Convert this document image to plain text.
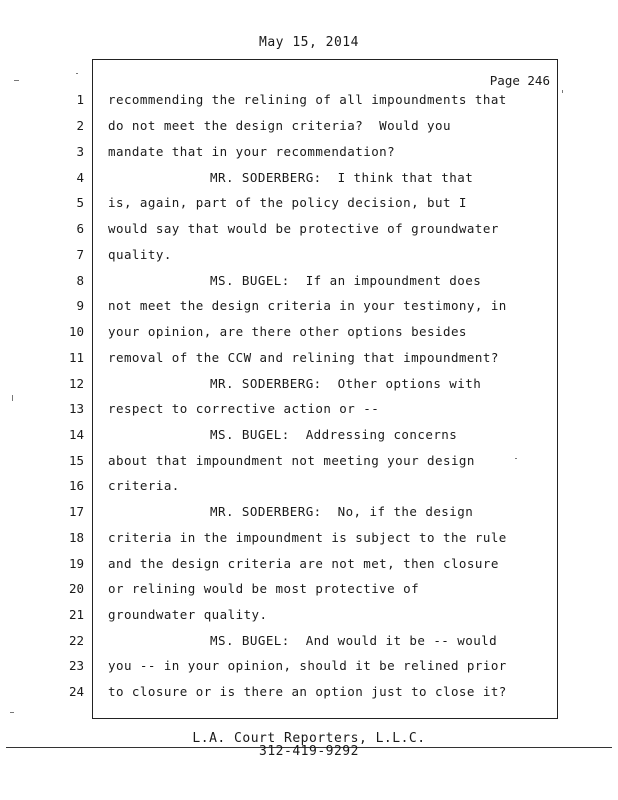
May 15, 2014
Page 246
1 recommending the relining of all impoundments that
2 do not meet the design criteria?  Would you
3 mandate that in your recommendation?
4	MR. SODERBERG:  I think that that
5 is, again, part of the policy decision, but I
6 would say that would be protective of groundwater
7 quality.
8	MS. BUGEL:  If an impoundment does
9 not meet the design criteria in your testimony, in
10 your opinion, are there other options besides
11 removal of the CCW and relining that impoundment?
12	MR. SODERBERG:  Other options with
13 respect to corrective action or --
14	MS. BUGEL:  Addressing concerns
15 about that impoundment not meeting your design
16 criteria.
17	MR. SODERBERG:  No, if the design
18 criteria in the impoundment is subject to the rule
19 and the design criteria are not met, then closure
20 or relining would be most protective of
21 groundwater quality.
22	MS. BUGEL:  And would it be -- would
23 you -- in your opinion, should it be relined prior
24 to closure or is there an option just to close it?
L.A. Court Reporters, L.L.C.
312-419-9292
